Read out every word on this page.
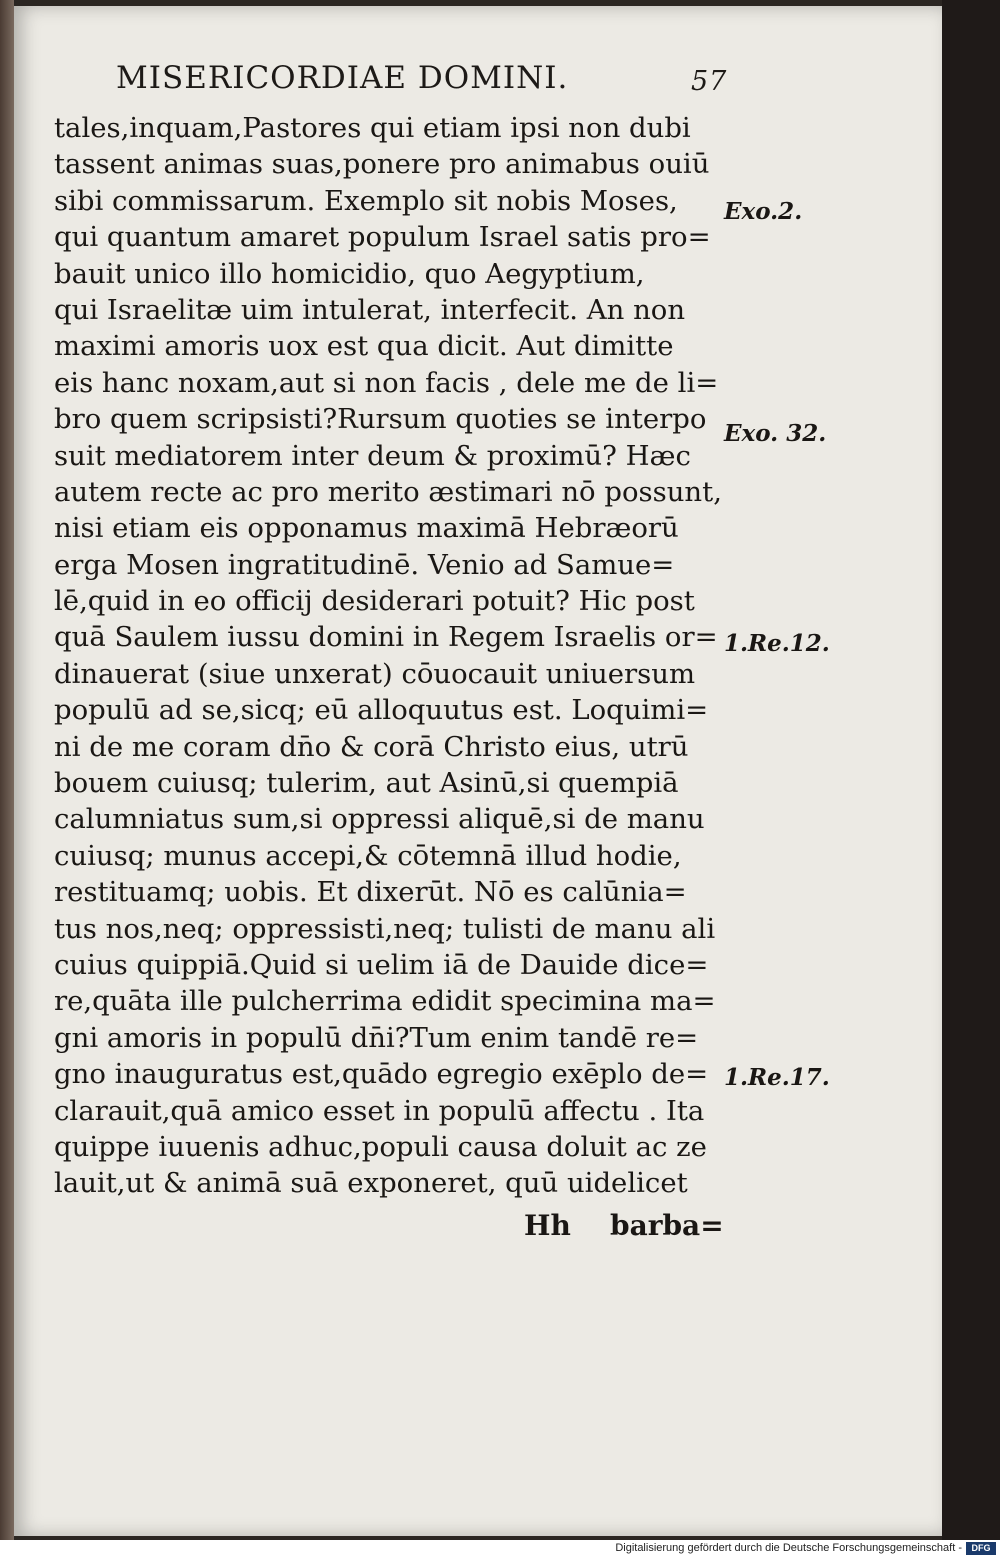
MISERICORDIAE DOMINI.	57
tales,inquam,Pastores qui etiam ipsi non dubi
tassent animas suas,ponere pro animabus ouiū
sibi commissarum. Exemplo sit nobis Moses,
qui quantum amaret populum Israel satis pro=
bauit unico illo homicidio, quo Aegyptium,
qui Israelitæ uim intulerat, interfecit. An non
maximi amoris uox est qua dicit. Aut dimitte
eis hanc noxam,aut si non facis , dele me de li=
bro quem scripsisti?Rursum quoties se interpo
suit mediatorem inter deum & proximū? Hæc
autem recte ac pro merito æstimari nō possunt,
nisi etiam eis opponamus maximā Hebræorū
erga Mosen ingratitudinē. Venio ad Samue=
lē,quid in eo officij desiderari potuit? Hic post
quā Saulem iussu domini in Regem Israelis or=
dinauerat (siue unxerat) cōuocauit uniuersum
populū ad se,sicq; eū alloquutus est. Loquimi=
ni de me coram dn̄o & corā Christo eius, utrū
bouem cuiusq; tulerim, aut Asinū,si quempiā
calumniatus sum,si oppressi aliquē,si de manu
cuiusq; munus accepi,& cōtemnā illud hodie,
restituamq; uobis. Et dixerūt. Nō es calūnia=
tus nos,neq; oppressisti,neq; tulisti de manu ali
cuius quippiā.Quid si uelim iā de Dauide dice=
re,quāta ille pulcherrima edidit specimina ma=
gni amoris in populū dn̄i?Tum enim tandē re=
gno inauguratus est,quādo egregio exēplo de=
clarauit,quā amico esset in populū affectu . Ita
quippe iuuenis adhuc,populi causa doluit ac ze
lauit,ut & animā suā exponeret, quū uidelicet
Exo.2.
Exo. 32.
1.Re.12.
1.Re.17.
Hh barba=
Digitalisierung gefördert durch die Deutsche Forschungsgemeinschaft -	DFG
